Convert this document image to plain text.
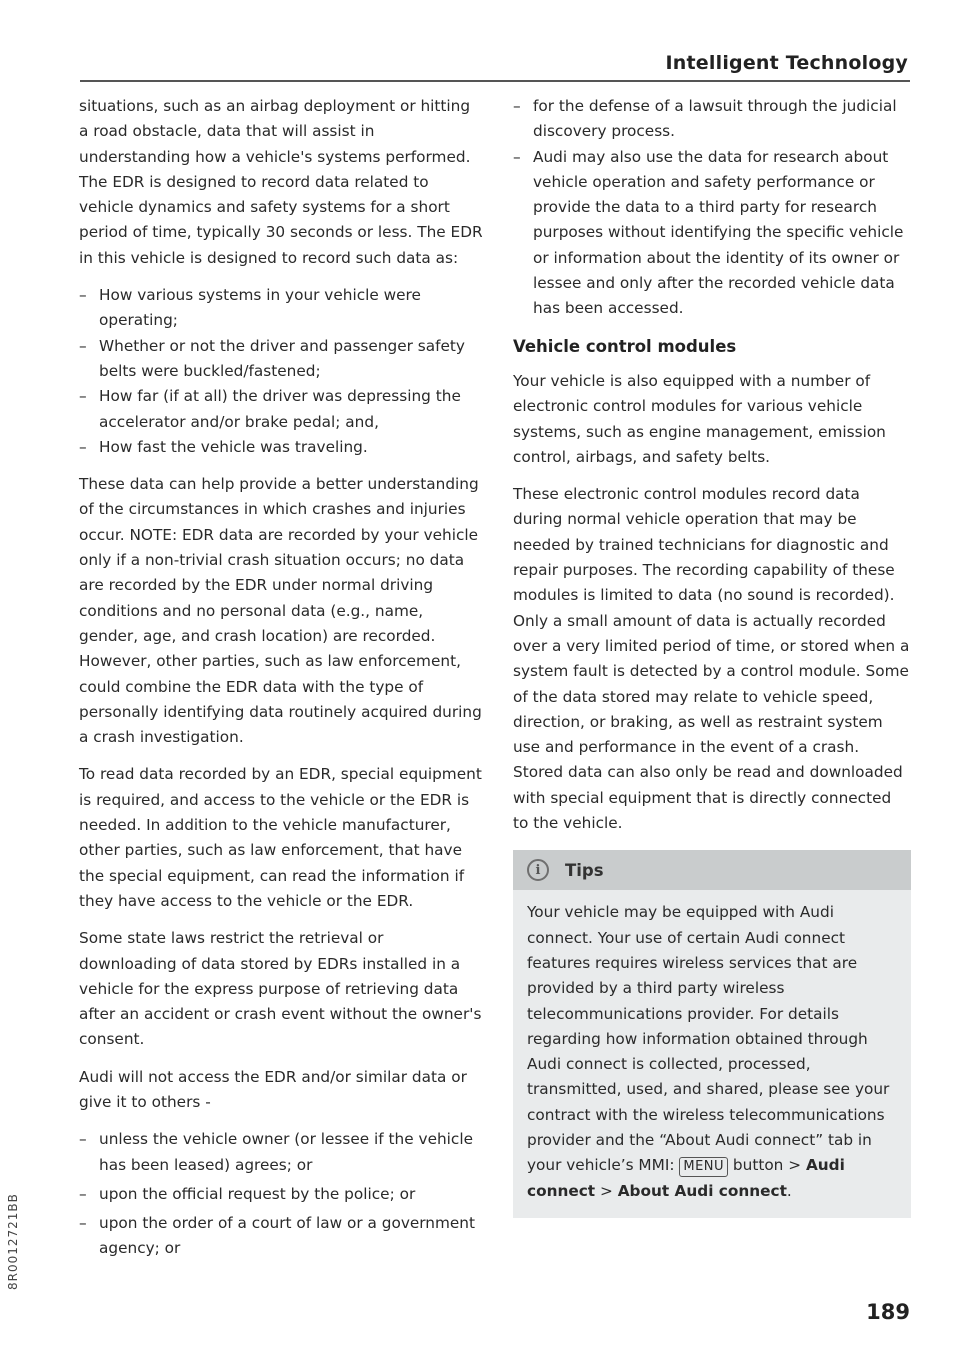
Intelligent Technology

situations, such as an airbag deployment or hitting a road obstacle, data that will assist in understanding how a vehicle's systems performed. The EDR is designed to record data related to vehicle dynamics and safety systems for a short period of time, typically 30 seconds or less. The EDR in this vehicle is designed to record such data as:

– How various systems in your vehicle were operating;
– Whether or not the driver and passenger safety belts were buckled/fastened;
– How far (if at all) the driver was depressing the accelerator and/or brake pedal; and,
– How fast the vehicle was traveling.

These data can help provide a better understanding of the circumstances in which crashes and injuries occur. NOTE: EDR data are recorded by your vehicle only if a non-trivial crash situation occurs; no data are recorded by the EDR under normal driving conditions and no personal data (e.g., name, gender, age, and crash location) are recorded. However, other parties, such as law enforcement, could combine the EDR data with the type of personally identifying data routinely acquired during a crash investigation.

To read data recorded by an EDR, special equipment is required, and access to the vehicle or the EDR is needed. In addition to the vehicle manufacturer, other parties, such as law enforcement, that have the special equipment, can read the information if they have access to the vehicle or the EDR.

Some state laws restrict the retrieval or downloading of data stored by EDRs installed in a vehicle for the express purpose of retrieving data after an accident or crash event without the owner's consent.

Audi will not access the EDR and/or similar data or give it to others -

– unless the vehicle owner (or lessee if the vehicle has been leased) agrees; or
– upon the official request by the police; or
– upon the order of a court of law or a government agency; or
– for the defense of a lawsuit through the judicial discovery process.
– Audi may also use the data for research about vehicle operation and safety performance or provide the data to a third party for research purposes without identifying the specific vehicle or information about the identity of its owner or lessee and only after the recorded vehicle data has been accessed.
Vehicle control modules

Your vehicle is also equipped with a number of electronic control modules for various vehicle systems, such as engine management, emission control, airbags, and safety belts.

These electronic control modules record data during normal vehicle operation that may be needed by trained technicians for diagnostic and repair purposes. The recording capability of these modules is limited to data (no sound is recorded). Only a small amount of data is actually recorded over a very limited period of time, or stored when a system fault is detected by a control module. Some of the data stored may relate to vehicle speed, direction, or braking, as well as restraint system use and performance in the event of a crash. Stored data can also only be read and downloaded with special equipment that is directly connected to the vehicle.

i	Tips
Your vehicle may be equipped with Audi connect. Your use of certain Audi connect features requires wireless services that are provided by a third party wireless telecommunications provider. For details regarding how information obtained through Audi connect is collected, processed, transmitted, used, and shared, please see your contract with the wireless telecommunications provider and the “About Audi connect” tab in your vehicle’s MMI: MENU button > Audi connect > About Audi connect.
8R0012721BB
189
